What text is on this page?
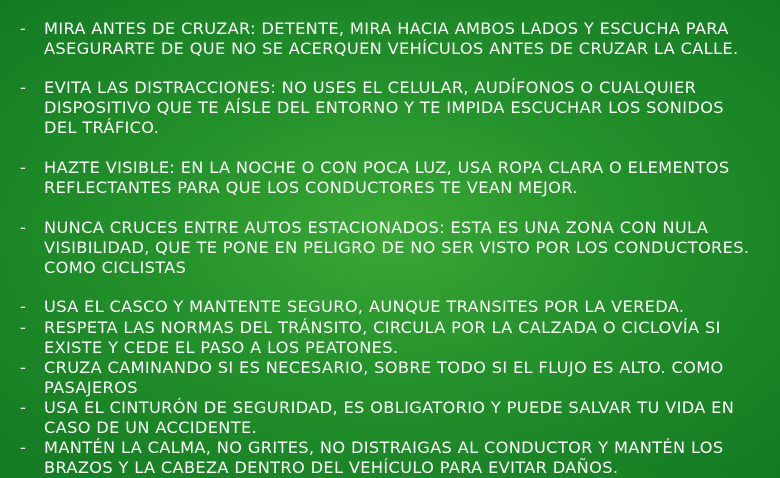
-	MIRA ANTES DE CRUZAR: DETENTE, MIRA HACIA AMBOS LADOS Y ESCUCHA PARA ASEGURARTE DE QUE NO SE ACERQUEN VEHÍCULOS ANTES DE CRUZAR LA CALLE.
-	EVITA LAS DISTRACCIONES: NO USES EL CELULAR, AUDÍFONOS O CUALQUIER DISPOSITIVO QUE TE AÍSLE DEL ENTORNO Y TE IMPIDA ESCUCHAR LOS SONIDOS DEL TRÁFICO.
-	HAZTE VISIBLE: EN LA NOCHE O CON POCA LUZ, USA ROPA CLARA O ELEMENTOS REFLECTANTES PARA QUE LOS CONDUCTORES TE VEAN MEJOR.
-	NUNCA CRUCES ENTRE AUTOS ESTACIONADOS: ESTA ES UNA ZONA CON NULA VISIBILIDAD, QUE TE PONE EN PELIGRO DE NO SER VISTO POR LOS CONDUCTORES. COMO CICLISTAS
-	USA EL CASCO Y MANTENTE SEGURO, AUNQUE TRANSITES POR LA VEREDA.
-	RESPETA LAS NORMAS DEL TRÁNSITO, CIRCULA POR LA CALZADA O CICLOVÍA SI EXISTE Y CEDE EL PASO A LOS PEATONES.
-	CRUZA CAMINANDO SI ES NECESARIO, SOBRE TODO SI EL FLUJO ES ALTO. COMO PASAJEROS
-	USA EL CINTURÓN DE SEGURIDAD, ES OBLIGATORIO Y PUEDE SALVAR TU VIDA EN CASO DE UN ACCIDENTE.
-	MANTÉN LA CALMA, NO GRITES, NO DISTRAIGAS AL CONDUCTOR Y MANTÉN LOS BRAZOS Y LA CABEZA DENTRO DEL VEHÍCULO PARA EVITAR DAÑOS.
